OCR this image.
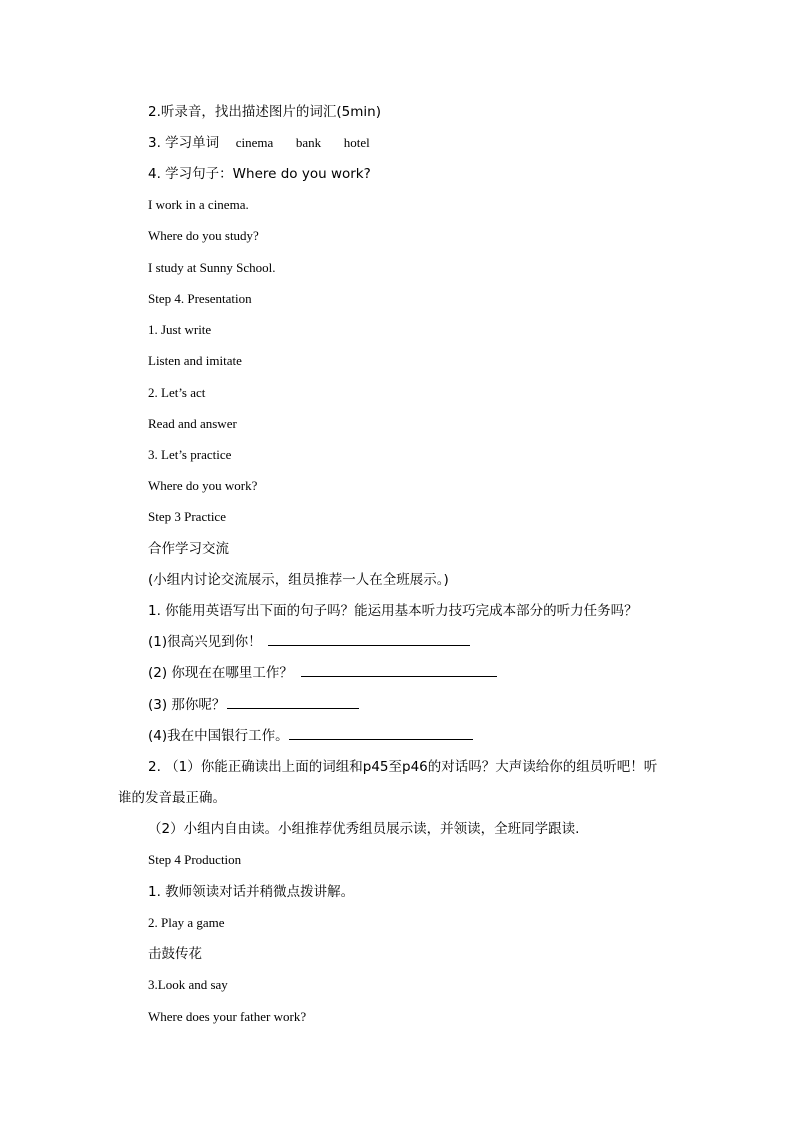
2.听录音，找出描述图片的词汇(5min)
3. 学习单词 cinema bank hotel
4. 学习句子：Where do you work?
I work in a cinema.
Where do you study?
I study at Sunny School.
Step 4. Presentation
1. Just write
Listen and imitate
2. Let’s act
Read and answer
3. Let’s practice
Where do you work?
Step 3 Practice
合作学习交流
(小组内讨论交流展示，组员推荐一人在全班展示。)
1. 你能用英语写出下面的句子吗？能运用基本听力技巧完成本部分的听力任务吗？
(1)很高兴见到你！
(2) 你现在在哪里工作？
(3) 那你呢？
(4)我在中国银行工作。
2. （1）你能正确读出上面的词组和p45至p46的对话吗？大声读给你的组员听吧！听
谁的发音最正确。
（2）小组内自由读。小组推荐优秀组员展示读，并领读，全班同学跟读.
Step 4 Production
1. 教师领读对话并稍微点拨讲解。
2. Play a game
击鼓传花
3.Look and say
Where does your father work?
